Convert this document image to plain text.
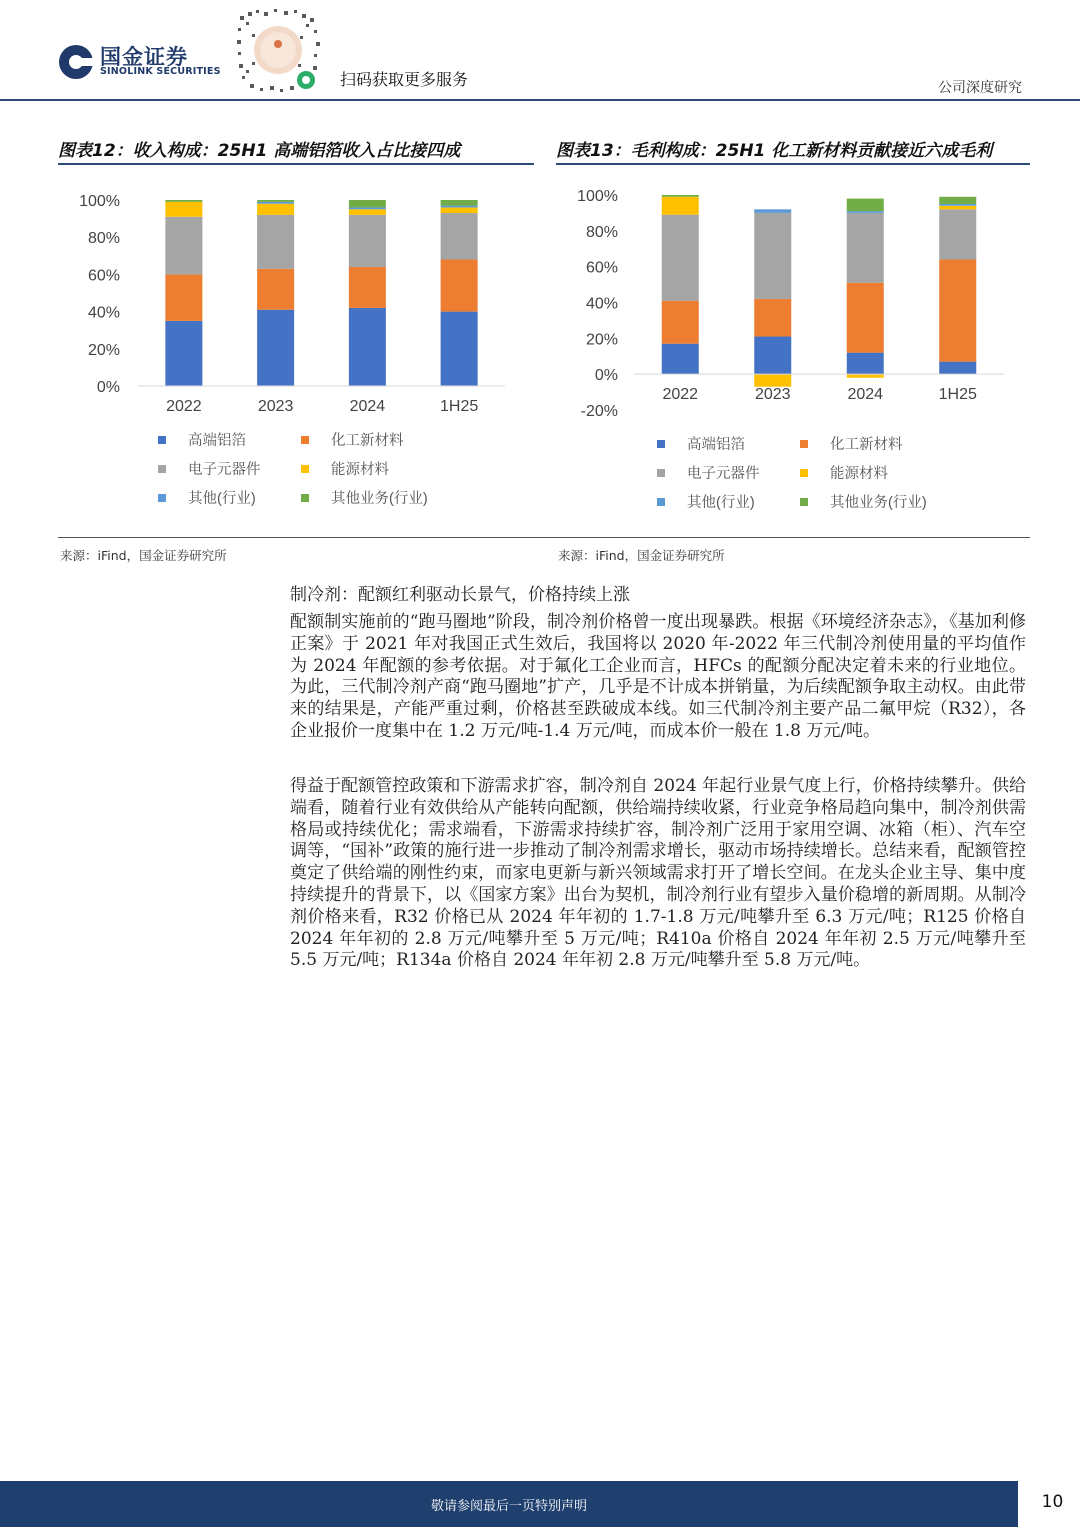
国金证券
SINOLINK SECURITIES	扫码获取更多服务	公司深度研究
图表12：收入构成：25H1 高端铝箔收入占比接四成	图表13：毛利构成：25H1 化工新材料贡献接近六成毛利
100%
80%
60%
40%
20%
0%
2022	2023	2024	1H25
高端铝箔	化工新材料
电子元器件	能源材料
其他(行业)	其他业务(行业)
100%
80%
60%
40%
20%
0%
-20%
2022	2023	2024	1H25
高端铝箔	化工新材料
电子元器件	能源材料
其他(行业)	其他业务(行业)
来源：iFind，国金证券研究所	来源：iFind，国金证券研究所
制冷剂：配额红利驱动长景气，价格持续上涨
配额制实施前的“跑马圈地”阶段，制冷剂价格曾一度出现暴跌。根据《环境经济杂志》，《基加利修正案》于 2021 年对我国正式生效后，我国将以 2020 年-2022 年三代制冷剂使用量的平均值作为 2024 年配额的参考依据。对于氟化工企业而言，HFCs 的配额分配决定着未来的行业地位。为此，三代制冷剂产商“跑马圈地”扩产，几乎是不计成本拼销量，为后续配额争取主动权。由此带来的结果是，产能严重过剩，价格甚至跌破成本线。如三代制冷剂主要产品二氟甲烷（R32），各企业报价一度集中在 1.2 万元/吨-1.4 万元/吨，而成本价一般在 1.8 万元/吨。
得益于配额管控政策和下游需求扩容，制冷剂自 2024 年起行业景气度上行，价格持续攀升。供给端看，随着行业有效供给从产能转向配额，供给端持续收紧，行业竞争格局趋向集中，制冷剂供需格局或持续优化；需求端看，下游需求持续扩容，制冷剂广泛用于家用空调、冰箱（柜）、汽车空调等，“国补”政策的施行进一步推动了制冷剂需求增长，驱动市场持续增长。总结来看，配额管控奠定了供给端的刚性约束，而家电更新与新兴领域需求打开了增长空间。在龙头企业主导、集中度持续提升的背景下，以《国家方案》出台为契机，制冷剂行业有望步入量价稳增的新周期。从制冷剂价格来看，R32 价格已从 2024 年年初的 1.7-1.8 万元/吨攀升至 6.3 万元/吨；R125 价格自 2024 年年初的 2.8 万元/吨攀升至 5 万元/吨；R410a 价格自 2024 年年初 2.5 万元/吨攀升至 5.5 万元/吨；R134a 价格自 2024 年年初 2.8 万元/吨攀升至 5.8 万元/吨。
敬请参阅最后一页特别声明	10
